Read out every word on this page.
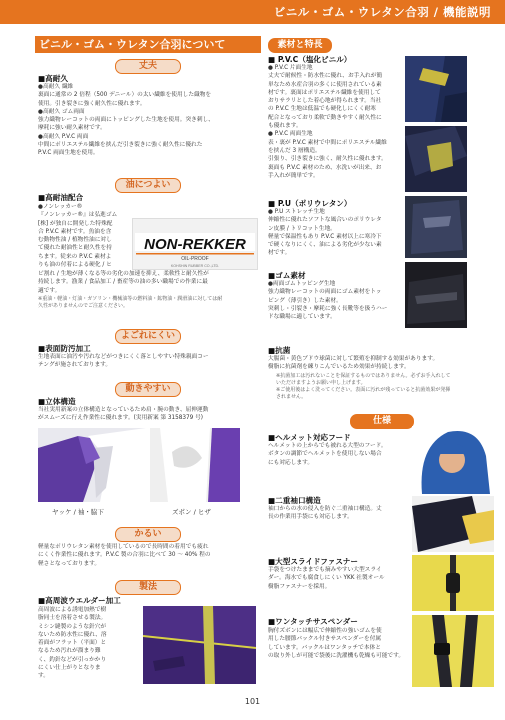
ビニル・ゴム・ウレタン合羽 / 機能説明
ビニル・ゴム・ウレタン合羽について
丈夫
■高耐久
●高耐久 繊維
裏面に通常の 2 倍程（500 デニール）の太い繊維を使用した織物を
使用。引き裂きに強く耐久性に優れます。
●高耐久 ゴム両面
強力織物レーコットの両面にトッピングした生地を使用。突き刺し、
摩耗に強い耐久素材です。
●高耐久 P.V.C 両面
中間にポリエステル繊維を挟んだ引き裂きに強く耐久性に優れた
P.V.C 両面生地を使用。
油につよい
■高耐油配合
●ノンレッカー®
『ノンレッカー®』は弘進ゴム
[株] が独自に開発した特殊配
合 P.V.C 素材です。魚油を含
む動物性油 / 植物性油に対し
て優れた耐油性と耐久性を持
ちます。従来の P.V.C 素材よ
りも油の付着による硬化 / ヒ
ビ割れ / 生地が薄くなる等の劣化の加速を抑え、柔軟性と耐久性が
持続します。漁業 / 食品加工 / 畜産等の油の多い職場での作業に最
適です。
※重油・軽油・灯油・ガソリン・機械油等の燃料油・鉱物油・潤滑油に対しては耐
久性がありませんのでご注意ください。
NON-REKKER
OIL-PROOF
KOHSHIN RUBBER CO.,LTD.
よごれにくい
■表面防汚加工
生地表面に油汚や汚れなどがつきにくく落としやすい特殊親面コー
テングが施されております。
動きやすい
■立体構造
当社実用新案の立体構造となっているため肩・腕の動き、屈伸運動
がスムーズに行え作業性に優れます。(実用新案 第 3158379 号)
ヤッケ / 袖・脇下	ズボン / ヒザ
かるい
軽量なポリウレタン素材を使用しているので長時間の着用でも疲れ
にくく作業性に優れます。P.V.C 製の合羽に比べて 30 ～ 40% 程の
軽さとなっております。
製法
■高周波ウエルダー加工
高周波による誘電加熱で樹
脂同士を溶着させる製法。
ミシン縫製のような針穴が
ないため防水性に優れ、溶
着面がフラット（平面）と
なるため汚れが溜まり難
く、釣針などが引っかかり
にくい仕上がりとなりま
す。
素材と特長
■ P.V.C（塩化ビニル）
● P.V.C 片面生地
丈夫で耐候性・防水性に優れ、お手入れが簡
単なため水産合羽の多くに使用されている素
材です。裏面はポリエステル繊維を使用して
おりサラリとした着心地が得られます。当社
の P.V.C 生地は低温でも硬化しにくく耐寒
配合となっており柔軟で動きやすく耐久性に
も優れます。
● P.V.C 両面生地
表・裏が P.V.C 素材で中間にポリエステル繊維
を挟んだ 3 層構造。
引張り、引き裂きに強く、耐久性に優れます。
裏面も P.V.C 素材のため、水洗いが出来、お
手入れが簡単です。
■ P.U（ポリウレタン）
● P.U ストレッチ生地
伸縮性に優れたソフトな風合いのポリウレタ
ン皮膜 / トリコット生地。
軽量で保温性もあり P.V.C 素材以上に寒冷下
で硬くなりにくく、油による劣化が少ない素
材です。
■ゴム素材
●両面ゴムトッピング生地
強力織物レーコットの両面にゴム素材をトッ
ピング（薄引き）した素材。
突刺し・引裂き・摩耗に強く長靴等を扱うハー
ドな職場に適しています。
■抗菌
大腸菌・黄色ブドウ球菌に対して繁殖を抑制する効果があります。
樹脂に抗菌剤を練りこんでいるため効果が持続します。
※抗菌加工は汚れないことを保証するものではありません。必ずお手入れして
いただけますようお願い申し上げます。
※ご使用後はよく洗ってください。表面に汚れが残っていると抗菌効果が発揮
されません。
仕様
■ヘルメット対応フード
ヘルメットの上からでも被れる大型のフード。
ボタンの調節でヘルメットを使用しない場合
にも対応します。
■二重袖口構造
袖口からの水の侵入を防ぐ二重袖口構造。丈
長の作業用手袋にも対応します。
■大型スライドファスナー
手袋をつけたままでも摘みやすい大型スライ
ダー。海水でも腐食しにくい YKK 社製オール
樹脂ファスナーを採用。
■ワンタッチサスペンダー
胸付ズボンには幅広で伸縮性の強いゴムを使
用した腰節バックル付きサスペンダーを付属
しています。バックルはワンタッチで本体と
の取り外しが可能で袋後に洗濯機も乾燥も可能です。
101
